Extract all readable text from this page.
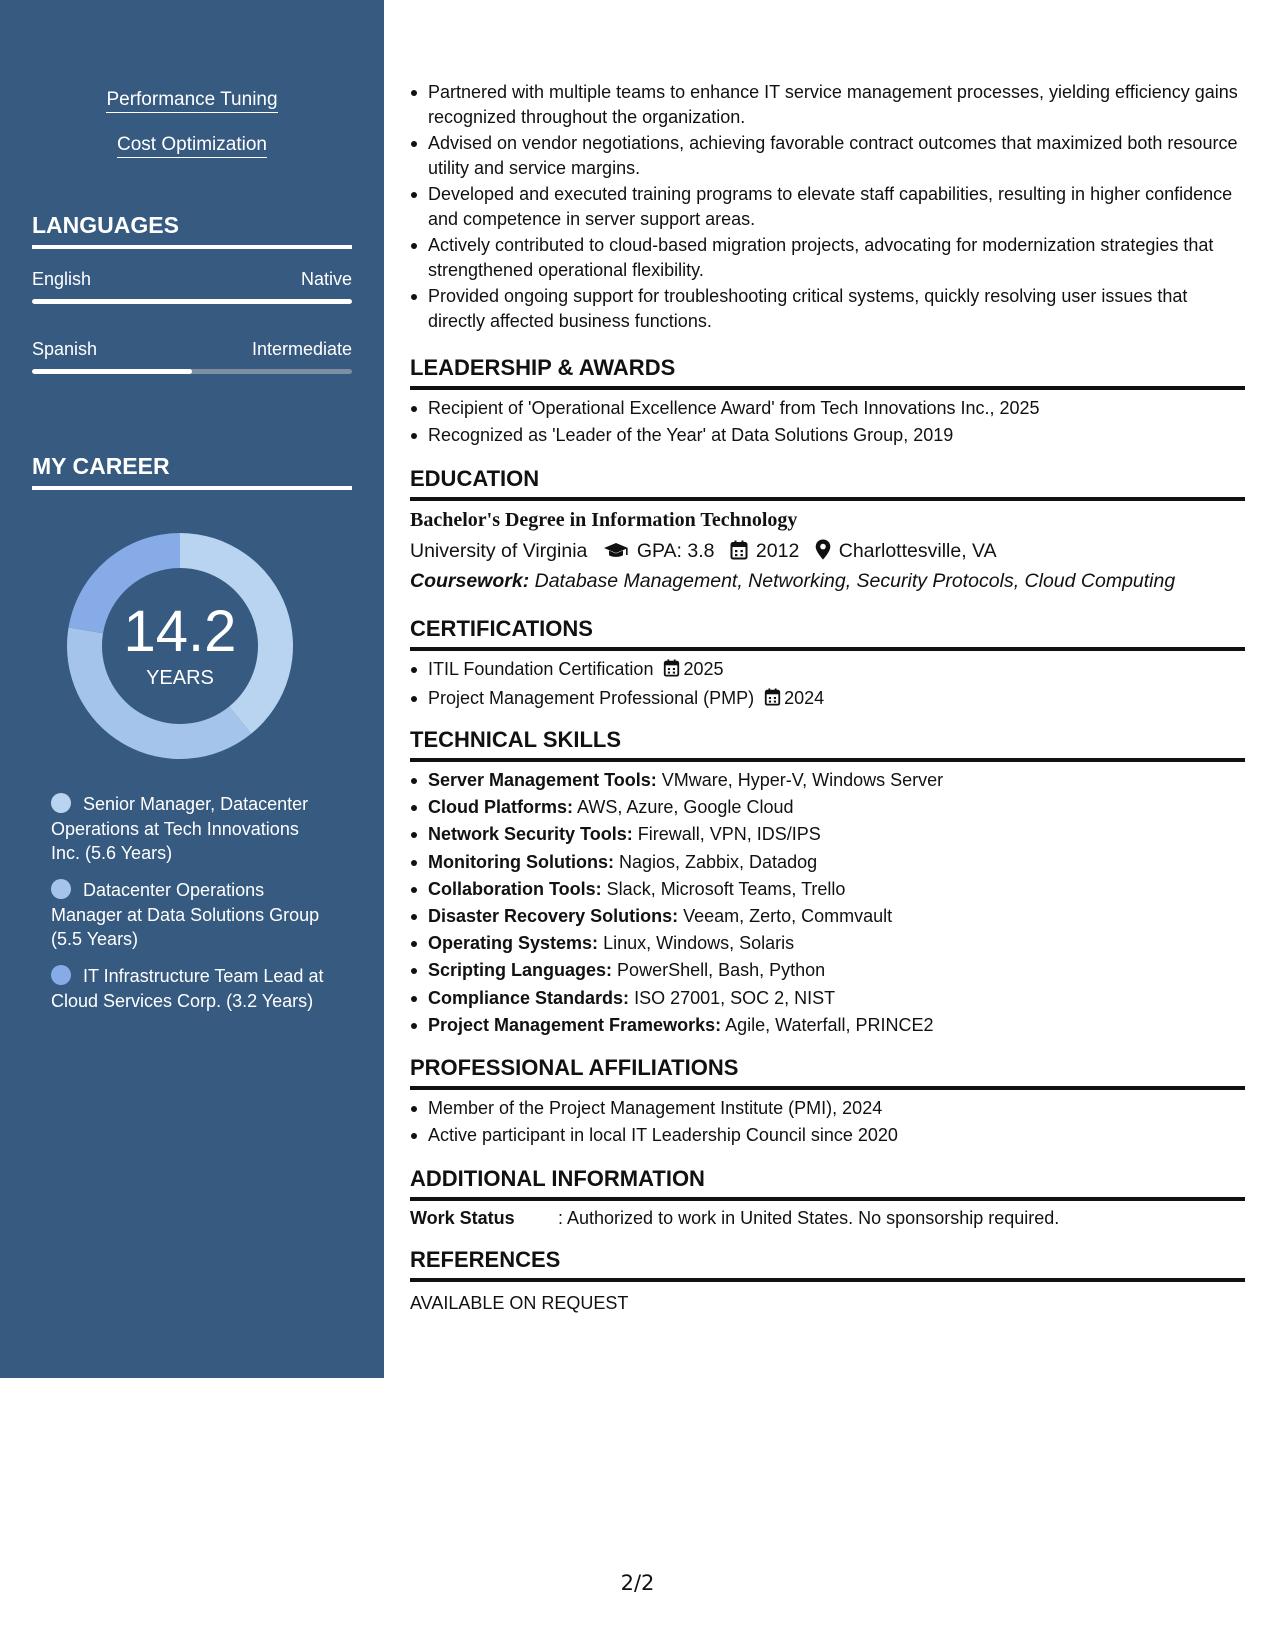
Performance Tuning
Cost Optimization
LANGUAGES
English	Native
Spanish	Intermediate
MY CAREER
14.2
YEARS
Senior Manager, Datacenter Operations at Tech Innovations Inc. (5.6 Years)
Datacenter Operations Manager at Data Solutions Group (5.5 Years)
IT Infrastructure Team Lead at Cloud Services Corp. (3.2 Years)
Partnered with multiple teams to enhance IT service management processes, yielding efficiency gains recognized throughout the organization.
Advised on vendor negotiations, achieving favorable contract outcomes that maximized both resource utility and service margins.
Developed and executed training programs to elevate staff capabilities, resulting in higher confidence and competence in server support areas.
Actively contributed to cloud-based migration projects, advocating for modernization strategies that strengthened operational flexibility.
Provided ongoing support for troubleshooting critical systems, quickly resolving user issues that directly affected business functions.
LEADERSHIP & AWARDS
Recipient of 'Operational Excellence Award' from Tech Innovations Inc., 2025
Recognized as 'Leader of the Year' at Data Solutions Group, 2019
EDUCATION
Bachelor's Degree in Information Technology
University of Virginia	GPA: 3.8 2012 Charlottesville, VA
Coursework: Database Management, Networking, Security Protocols, Cloud Computing
CERTIFICATIONS
ITIL Foundation Certification 2025
Project Management Professional (PMP) 2024
TECHNICAL SKILLS
Server Management Tools: VMware, Hyper-V, Windows Server
Cloud Platforms: AWS, Azure, Google Cloud
Network Security Tools: Firewall, VPN, IDS/IPS
Monitoring Solutions: Nagios, Zabbix, Datadog
Collaboration Tools: Slack, Microsoft Teams, Trello
Disaster Recovery Solutions: Veeam, Zerto, Commvault
Operating Systems: Linux, Windows, Solaris
Scripting Languages: PowerShell, Bash, Python
Compliance Standards: ISO 27001, SOC 2, NIST
Project Management Frameworks: Agile, Waterfall, PRINCE2
PROFESSIONAL AFFILIATIONS
Member of the Project Management Institute (PMI), 2024
Active participant in local IT Leadership Council since 2020
ADDITIONAL INFORMATION
Work Status : Authorized to work in United States. No sponsorship required.
REFERENCES
AVAILABLE ON REQUEST
2/2
